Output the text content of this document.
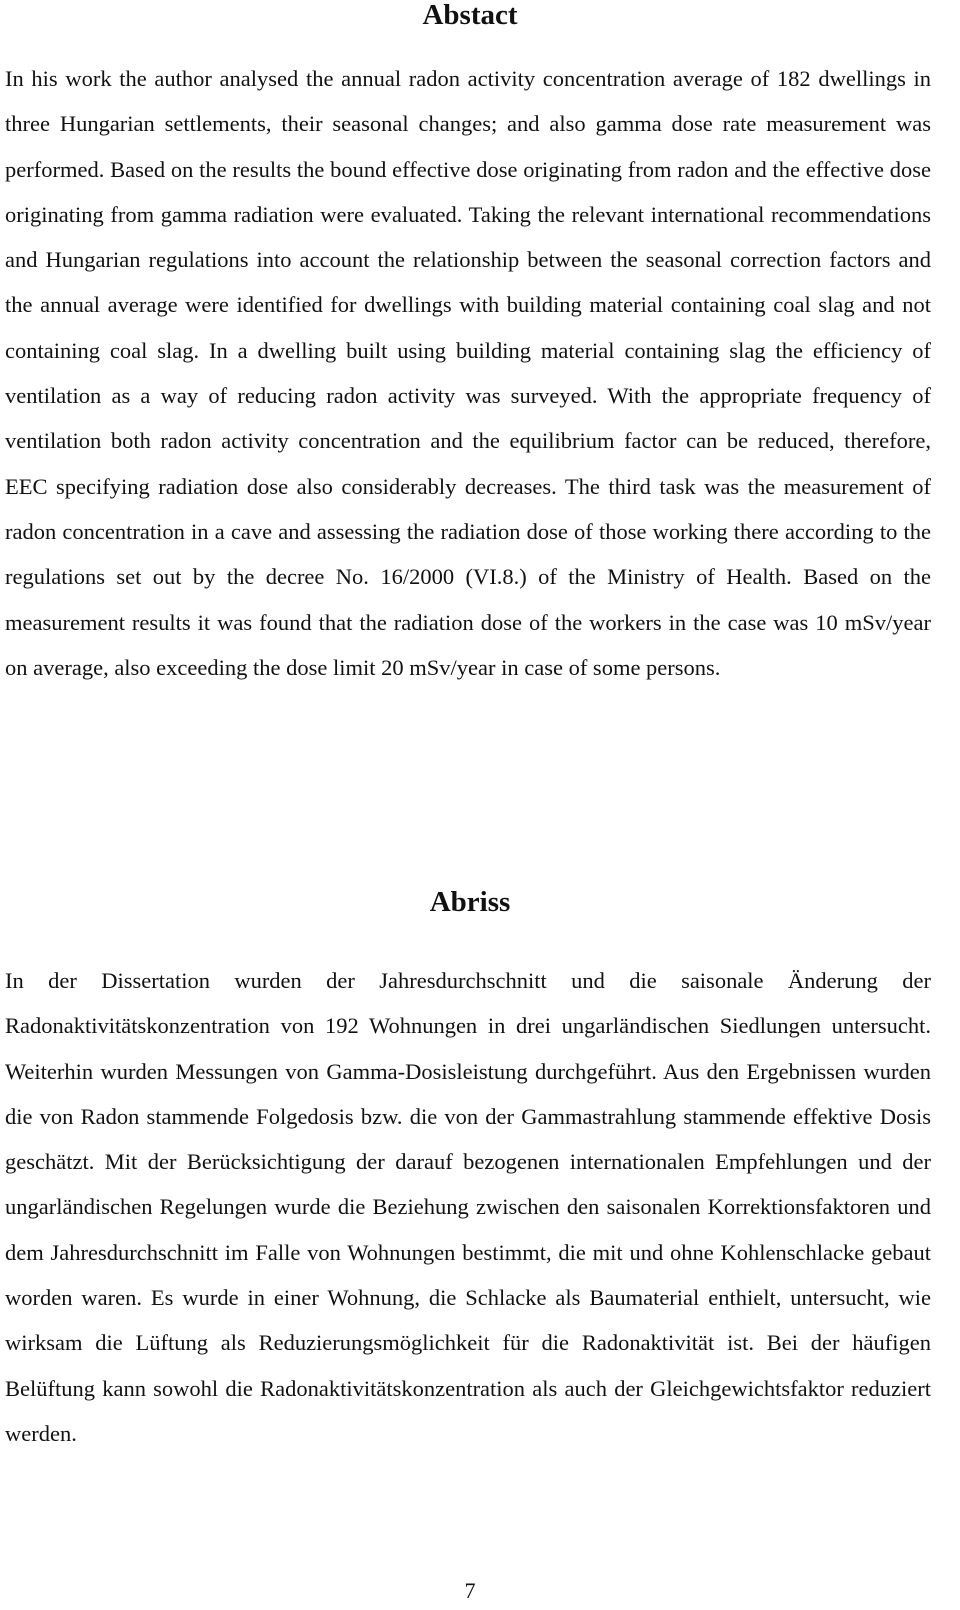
Abstact

In his work the author analysed the annual radon activity concentration average of 182 dwellings in three Hungarian settlements, their seasonal changes; and also gamma dose rate measurement was performed. Based on the results the bound effective dose originating from radon and the effective dose originating from gamma radiation were evaluated. Taking the relevant international recommendations and Hungarian regulations into account the relationship between the seasonal correction factors and the annual average were identified for dwellings with building material containing coal slag and not containing coal slag. In a dwelling built using building material containing slag the efficiency of ventilation as a way of reducing radon activity was surveyed. With the appropriate frequency of ventilation both radon activity concentration and the equilibrium factor can be reduced, therefore, EEC specifying radiation dose also considerably decreases. The third task was the measurement of radon concentration in a cave and assessing the radiation dose of those working there according to the regulations set out by the decree No. 16/2000 (VI.8.) of the Ministry of Health. Based on the measurement results it was found that the radiation dose of the workers in the case was 10 mSv/year on average, also exceeding the dose limit 20 mSv/year in case of some persons.

Abriss

In der Dissertation wurden der Jahresdurchschnitt und die saisonale Änderung der Radonaktivitätskonzentration von 192 Wohnungen in drei ungarländischen Siedlungen untersucht. Weiterhin wurden Messungen von Gamma-Dosisleistung durchgeführt. Aus den Ergebnissen wurden die von Radon stammende Folgedosis bzw. die von der Gammastrahlung stammende effektive Dosis geschätzt. Mit der Berücksichtigung der darauf bezogenen internationalen Empfehlungen und der ungarländischen Regelungen wurde die Beziehung zwischen den saisonalen Korrektionsfaktoren und dem Jahresdurchschnitt im Falle von Wohnungen bestimmt, die mit und ohne Kohlenschlacke gebaut worden waren. Es wurde in einer Wohnung, die Schlacke als Baumaterial enthielt, untersucht, wie wirksam die Lüftung als Reduzierungsmöglichkeit für die Radonaktivität ist. Bei der häufigen Belüftung kann sowohl die Radonaktivitätskonzentration als auch der Gleichgewichtsfaktor reduziert werden.

7
